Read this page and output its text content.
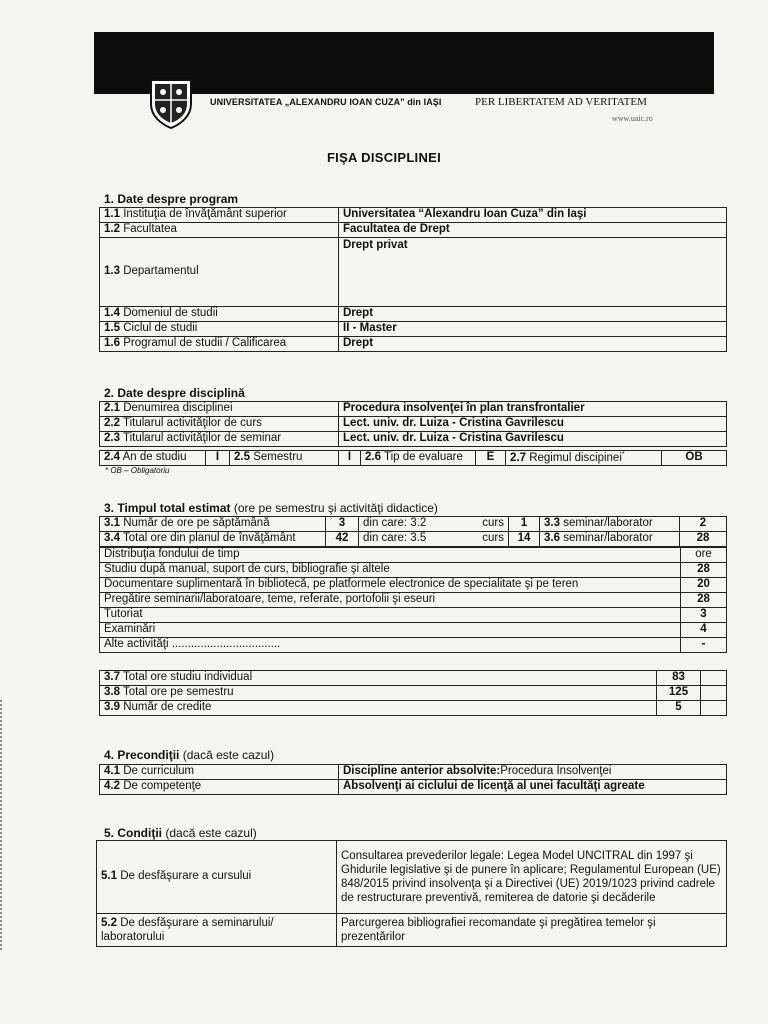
UNIVERSITATEA „ALEXANDRU IOAN CUZA" din IAŞI	PER LIBERTATEM AD VERITATEM
www.uaic.ro
FIŞA DISCIPLINEI
1. Date despre program
1.1 Instituţia de învăţământ superior	Universitatea “Alexandru Ioan Cuza” din Iaşi
1.2 Facultatea	Facultatea de Drept
1.3 Departamentul	Drept privat
1.4 Domeniul de studii	Drept
1.5 Ciclul de studii	II - Master
1.6 Programul de studii / Calificarea	Drept
2. Date despre disciplină
2.1 Denumirea disciplinei	Procedura insolvenţei în plan transfrontalier
2.2 Titularul activităţilor de curs	Lect. univ. dr. Luiza - Cristina Gavrilescu
2.3 Titularul activităţilor de seminar	Lect. univ. dr. Luiza - Cristina Gavrilescu
2.4 An de studiu	I	2.5 Semestru	I	2.6 Tip de evaluare	E	2.7 Regimul discipinei*	OB
* OB – Obligatoriu
3. Timpul total estimat (ore pe semestru şi activităţi didactice)
3.1 Număr de ore pe săptămână	3	din care: 3.2 curs	1	3.3 seminar/laborator	2
3.4 Total ore din planul de învăţământ	42	din care: 3.5 curs	14	3.6 seminar/laborator	28
Distribuţia fondului de timp	ore
Studiu după manual, suport de curs, bibliografie şi altele	28
Documentare suplimentară în bibliotecă, pe platformele electronice de specialitate şi pe teren	20
Pregătire seminarii/laboratoare, teme, referate, portofolii şi eseuri	28
Tutoriat	3
Examinări	4
Alte activităţi ..................................	-
3.7 Total ore studiu individual	83	
3.8 Total ore pe semestru	125	
3.9 Număr de credite	5	
4. Precondiţii (dacă este cazul)
4.1 De curriculum	Discipline anterior absolvite:Procedura Insolvenţei
4.2 De competenţe	Absolvenţi ai ciclului de licenţă al unei facultăţi agreate
5. Condiţii (dacă este cazul)
5.1 De desfăşurare a cursului	Consultarea prevederilor legale: Legea Model UNCITRAL din 1997 şi Ghidurile legislative şi de punere în aplicare; Regulamentul European (UE) 848/2015 privind insolvenţa şi a Directivei (UE) 2019/1023 privind cadrele de restructurare preventivă, remiterea de datorie şi decăderile
5.2 De desfăşurare a seminarului/ laboratorului	Parcurgerea bibliografiei recomandate şi pregătirea temelor şi prezentărilor
